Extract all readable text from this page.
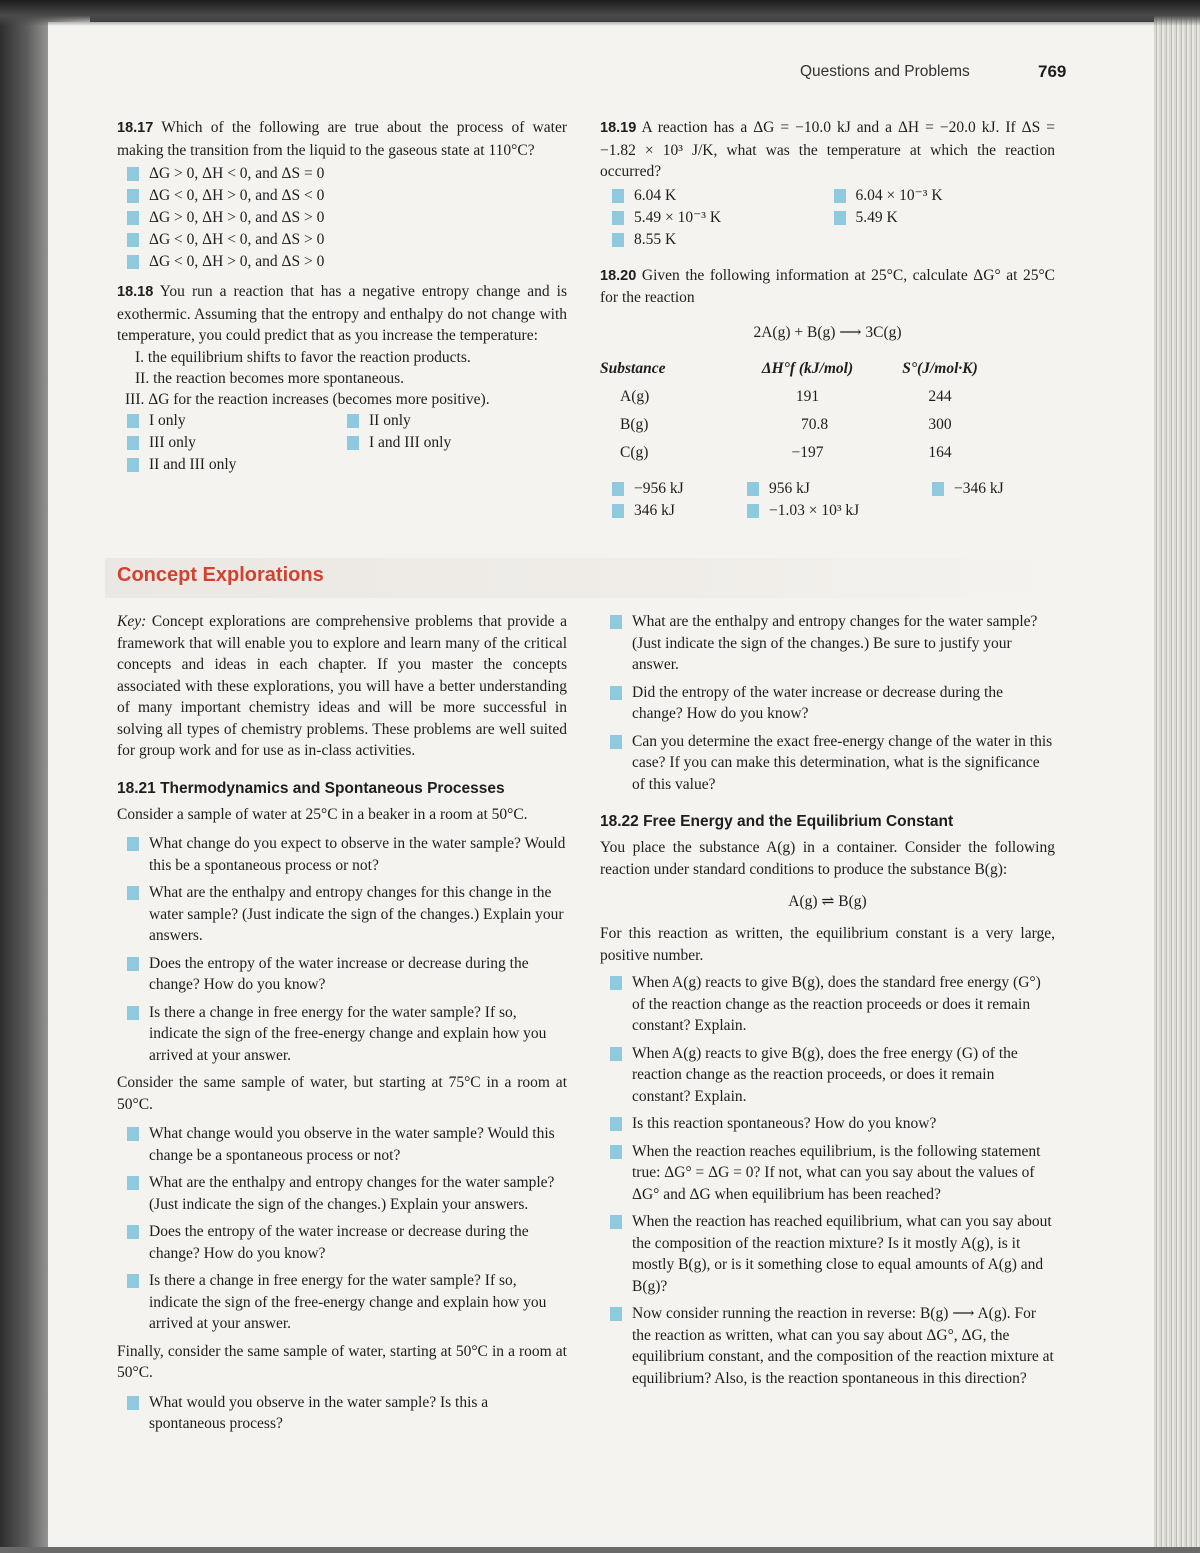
Questions and Problems	769
18.17 Which of the following are true about the process of water making the transition from the liquid to the gaseous state at 110°C?
ΔG > 0, ΔH < 0, and ΔS = 0
ΔG < 0, ΔH > 0, and ΔS < 0
ΔG > 0, ΔH > 0, and ΔS > 0
ΔG < 0, ΔH < 0, and ΔS > 0
ΔG < 0, ΔH > 0, and ΔS > 0
18.18 You run a reaction that has a negative entropy change and is exothermic. Assuming that the entropy and enthalpy do not change with temperature, you could predict that as you increase the temperature:
I. the equilibrium shifts to favor the reaction products.
II. the reaction becomes more spontaneous.
III. ΔG for the reaction increases (becomes more positive).
I only	II only
III only	I and III only
II and III only
18.19 A reaction has a ΔG = −10.0 kJ and a ΔH = −20.0 kJ. If ΔS = −1.82 × 10³ J/K, what was the temperature at which the reaction occurred?
6.04 K	6.04 × 10⁻³ K
5.49 × 10⁻³ K	5.49 K
8.55 K
18.20 Given the following information at 25°C, calculate ΔG° at 25°C for the reaction
2A(g) + B(g) ⟶ 3C(g)
Substance	ΔH°f (kJ/mol)	S°(J/mol·K)
A(g)	191	244
B(g)	70.8	300
C(g)	−197	164
−956 kJ	956 kJ	−346 kJ
346 kJ	−1.03 × 10³ kJ
Concept Explorations
Key: Concept explorations are comprehensive problems that provide a framework that will enable you to explore and learn many of the critical concepts and ideas in each chapter. If you master the concepts associated with these explorations, you will have a better understanding of many important chemistry ideas and will be more successful in solving all types of chemistry problems. These problems are well suited for group work and for use as in-class activities.
18.21 Thermodynamics and Spontaneous Processes
Consider a sample of water at 25°C in a beaker in a room at 50°C.
What change do you expect to observe in the water sample? Would this be a spontaneous process or not?
What are the enthalpy and entropy changes for this change in the water sample? (Just indicate the sign of the changes.) Explain your answers.
Does the entropy of the water increase or decrease during the change? How do you know?
Is there a change in free energy for the water sample? If so, indicate the sign of the free-energy change and explain how you arrived at your answer.
Consider the same sample of water, but starting at 75°C in a room at 50°C.
What change would you observe in the water sample? Would this change be a spontaneous process or not?
What are the enthalpy and entropy changes for the water sample? (Just indicate the sign of the changes.) Explain your answers.
Does the entropy of the water increase or decrease during the change? How do you know?
Is there a change in free energy for the water sample? If so, indicate the sign of the free-energy change and explain how you arrived at your answer.
Finally, consider the same sample of water, starting at 50°C in a room at 50°C.
What would you observe in the water sample? Is this a spontaneous process?
What are the enthalpy and entropy changes for the water sample? (Just indicate the sign of the changes.) Be sure to justify your answer.
Did the entropy of the water increase or decrease during the change? How do you know?
Can you determine the exact free-energy change of the water in this case? If you can make this determination, what is the significance of this value?
18.22 Free Energy and the Equilibrium Constant
You place the substance A(g) in a container. Consider the following reaction under standard conditions to produce the substance B(g):
A(g) ⇌ B(g)
For this reaction as written, the equilibrium constant is a very large, positive number.
When A(g) reacts to give B(g), does the standard free energy (G°) of the reaction change as the reaction proceeds or does it remain constant? Explain.
When A(g) reacts to give B(g), does the free energy (G) of the reaction change as the reaction proceeds, or does it remain constant? Explain.
Is this reaction spontaneous? How do you know?
When the reaction reaches equilibrium, is the following statement true: ΔG° = ΔG = 0? If not, what can you say about the values of ΔG° and ΔG when equilibrium has been reached?
When the reaction has reached equilibrium, what can you say about the composition of the reaction mixture? Is it mostly A(g), is it mostly B(g), or is it something close to equal amounts of A(g) and B(g)?
Now consider running the reaction in reverse: B(g) ⟶ A(g). For the reaction as written, what can you say about ΔG°, ΔG, the equilibrium constant, and the composition of the reaction mixture at equilibrium? Also, is the reaction spontaneous in this direction?
